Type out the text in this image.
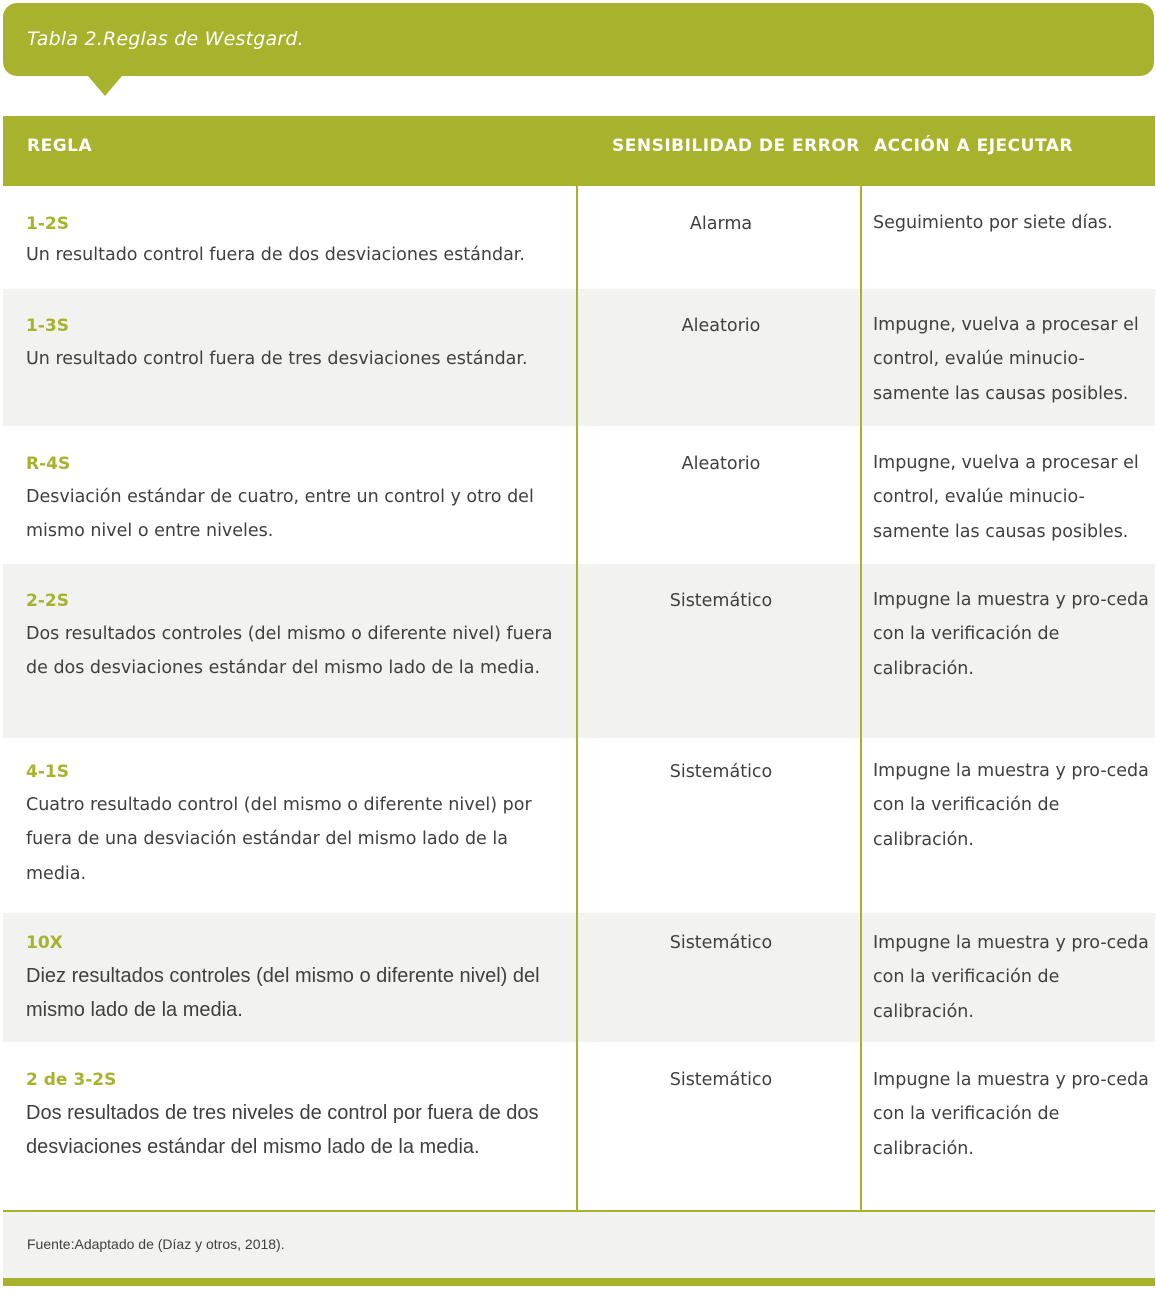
Tabla 2.Reglas de Westgard.
REGLA	SENSIBILIDAD DE ERROR ACCIÓN A EJECUTAR
1-2S
Un resultado control fuera de dos desviaciones estándar.
Alarma	Seguimiento por siete días.
1-3S
Un resultado control fuera de tres desviaciones estándar.
Aleatorio	Impugne, vuelva a procesar el control, evalúe minucio-samente las causas posibles.
R-4S
Desviación estándar de cuatro, entre un control y otro del mismo nivel o entre niveles.
Aleatorio	Impugne, vuelva a procesar el control, evalúe minucio-samente las causas posibles.
2-2S
Dos resultados controles (del mismo o diferente nivel) fuera de dos desviaciones estándar del mismo lado de la media.
Sistemático	Impugne la muestra y pro-ceda con la verificación de calibración.
4-1S
Cuatro resultado control (del mismo o diferente nivel) por fuera de una desviación estándar del mismo lado de la media.
Sistemático	Impugne la muestra y pro-ceda con la verificación de calibración.
10X
Diez resultados controles (del mismo o diferente nivel) del mismo lado de la media.
Sistemático	Impugne la muestra y pro-ceda con la verificación de calibración.
2 de 3-2S
Dos resultados de tres niveles de control por fuera de dos desviaciones estándar del mismo lado de la media.
Sistemático	Impugne la muestra y pro-ceda con la verificación de calibración.
Fuente:Adaptado de (Díaz y otros, 2018).
